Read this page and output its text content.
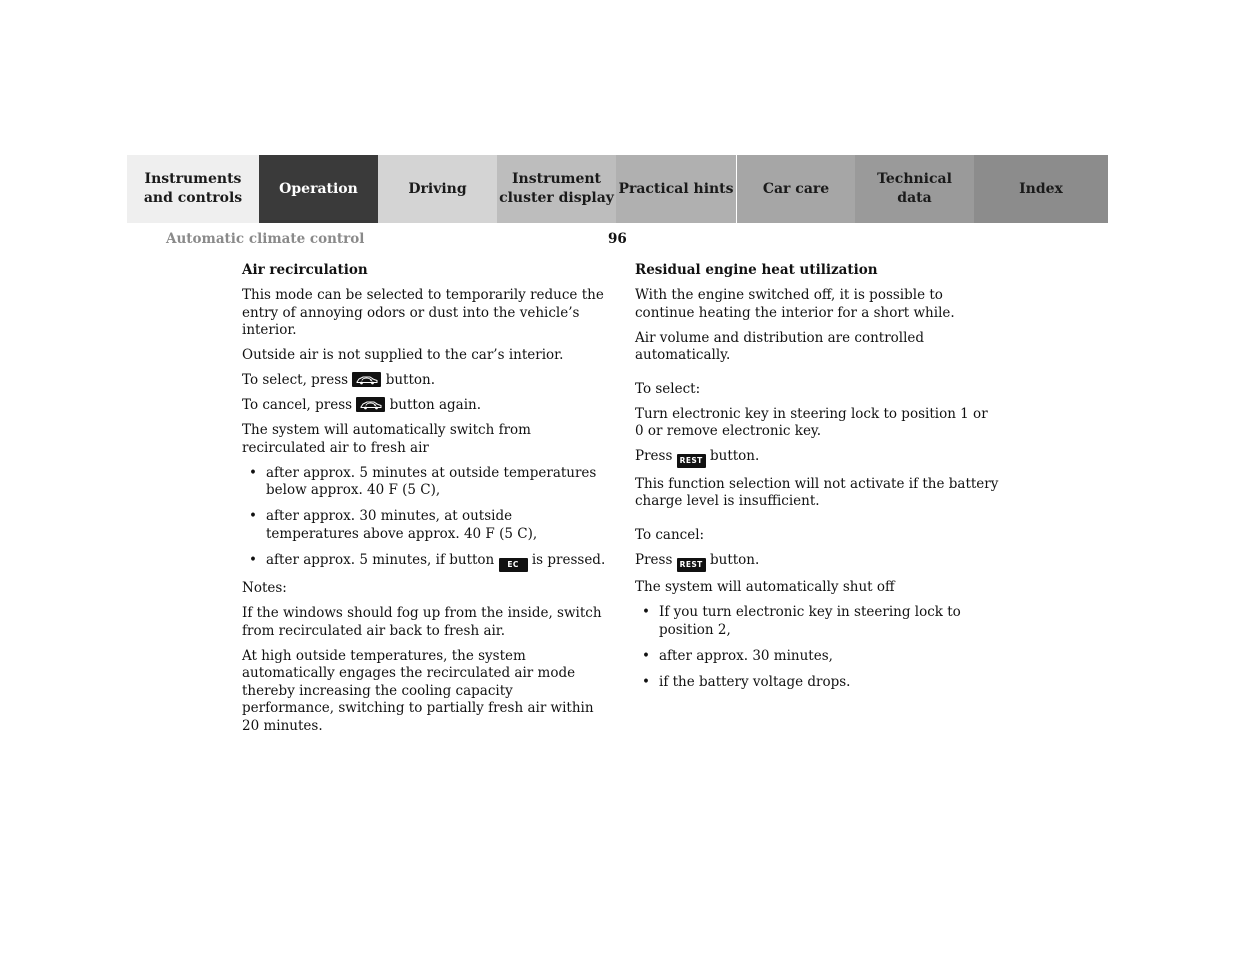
Instruments
and controls
Operation	Driving
Instrument
cluster display
Practical hints Car care
Technical
data
Index
Automatic climate control	96
Air recirculation

This mode can be selected to temporarily reduce the entry of annoying odors or dust into the vehicle’s interior.

Outside air is not supplied to the car’s interior.

To select, press
button.

To cancel, press
button again.

The system will automatically switch from recirculated air to fresh air

• after approx. 5 minutes at outside temperatures below approx. 40 F (5 C),
• after approx. 30 minutes, at outside temperatures above approx. 40 F (5 C),
• after approx. 5 minutes, if button EC is pressed.

Notes:

If the windows should fog up from the inside, switch from recirculated air back to fresh air.

At high outside temperatures, the system automatically engages the recirculated air mode thereby increasing the cooling capacity performance, switching to partially fresh air within 20 minutes.

Residual engine heat utilization

With the engine switched off, it is possible to continue heating the interior for a short while.

Air volume and distribution are controlled automatically.

To select:

Turn electronic key in steering lock to position 1 or 0 or remove electronic key.

Press REST button.

This function selection will not activate if the battery charge level is insufficient.

To cancel:

Press REST button.

The system will automatically shut off

• If you turn electronic key in steering lock to position 2,
• after approx. 30 minutes,
• if the battery voltage drops.
